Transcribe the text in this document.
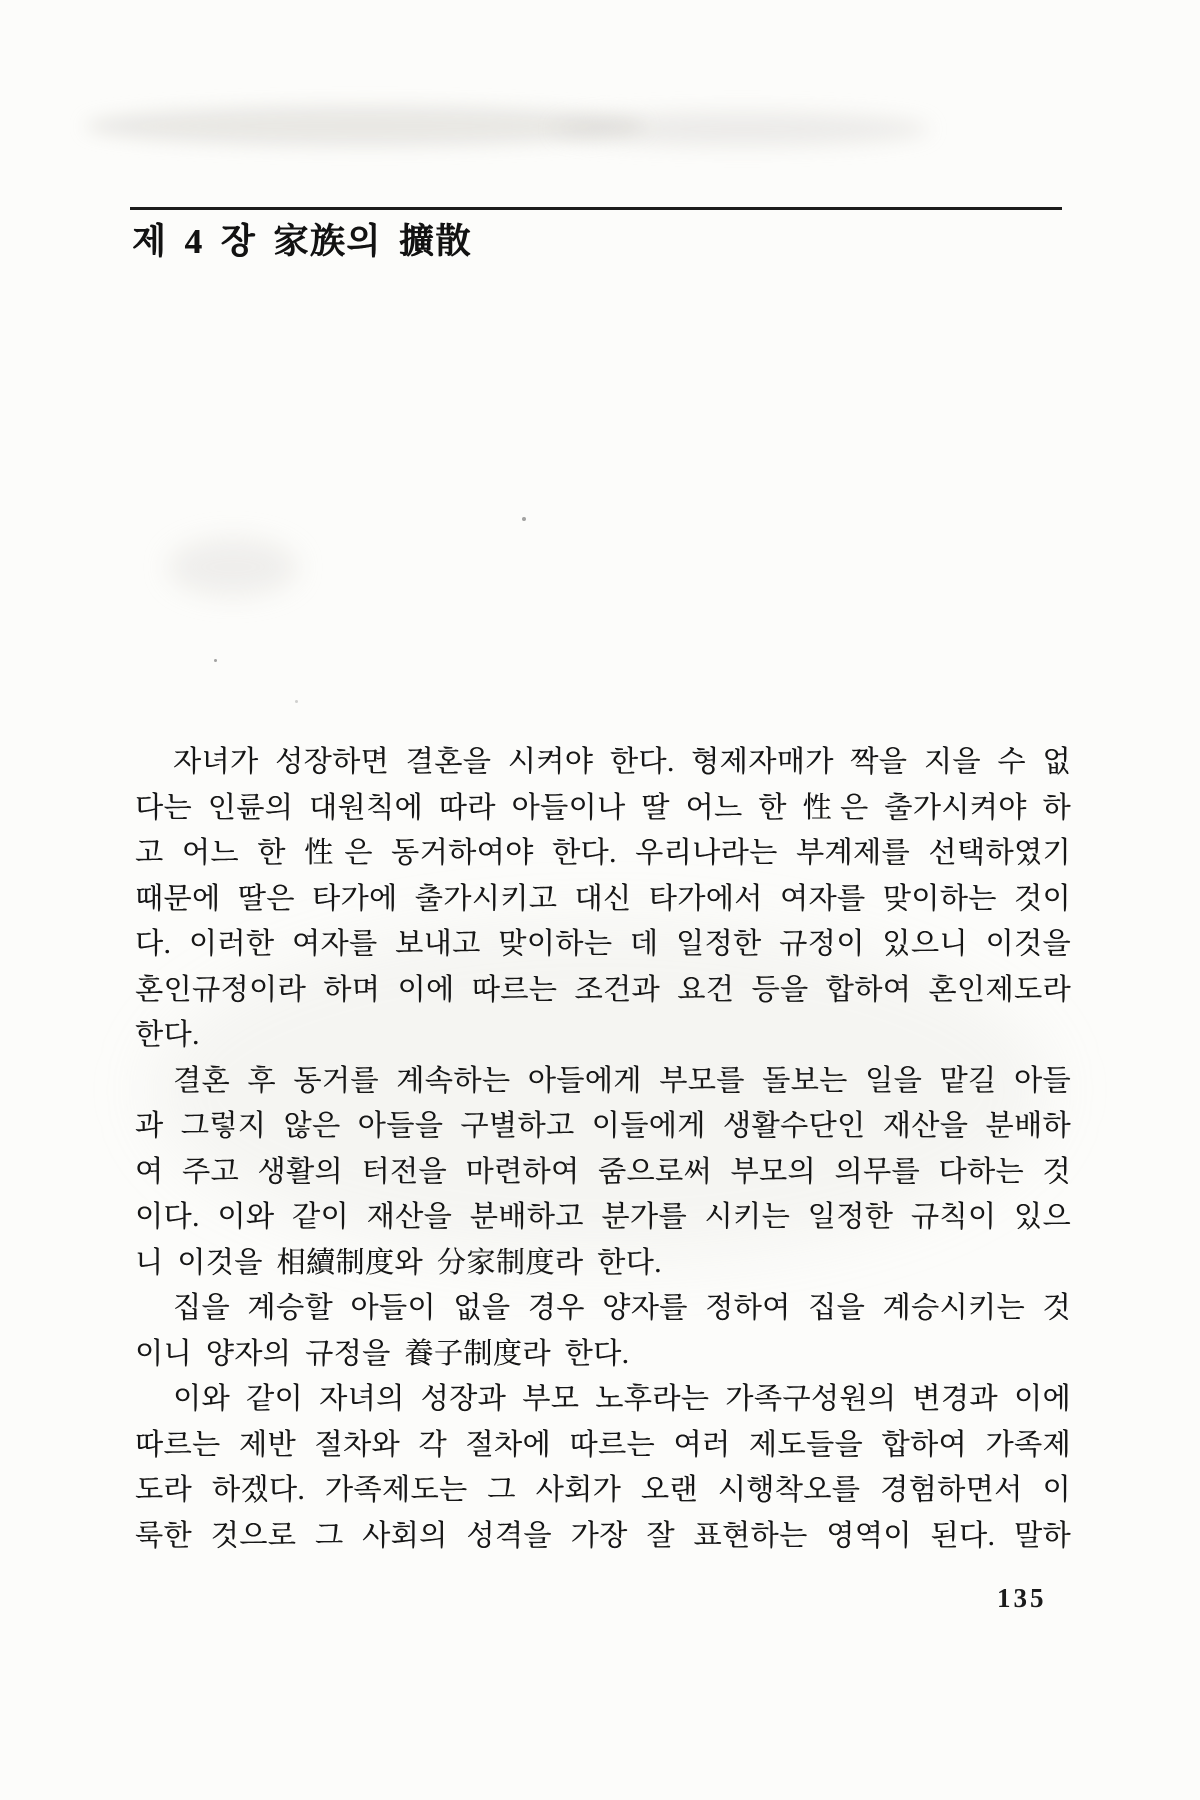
제 4 장 家族의 擴散
자녀가 성장하면 결혼을 시켜야 한다. 형제자매가 짝을 지을 수 없
다는 인륜의 대원칙에 따라 아들이나 딸 어느 한 性은 출가시켜야 하
고 어느 한 性은 동거하여야 한다. 우리나라는 부계제를 선택하였기
때문에 딸은 타가에 출가시키고 대신 타가에서 여자를 맞이하는 것이
다. 이러한 여자를 보내고 맞이하는 데 일정한 규정이 있으니 이것을
혼인규정이라 하며 이에 따르는 조건과 요건 등을 합하여 혼인제도라
한다.
결혼 후 동거를 계속하는 아들에게 부모를 돌보는 일을 맡길 아들
과 그렇지 않은 아들을 구별하고 이들에게 생활수단인 재산을 분배하
여 주고 생활의 터전을 마련하여 줌으로써 부모의 의무를 다하는 것
이다. 이와 같이 재산을 분배하고 분가를 시키는 일정한 규칙이 있으
니 이것을 相續制度와 分家制度라 한다.
집을 계승할 아들이 없을 경우 양자를 정하여 집을 계승시키는 것
이니 양자의 규정을 養子制度라 한다.
이와 같이 자녀의 성장과 부모 노후라는 가족구성원의 변경과 이에
따르는 제반 절차와 각 절차에 따르는 여러 제도들을 합하여 가족제
도라 하겠다. 가족제도는 그 사회가 오랜 시행착오를 경험하면서 이
룩한 것으로 그 사회의 성격을 가장 잘 표현하는 영역이 된다. 말하
135
